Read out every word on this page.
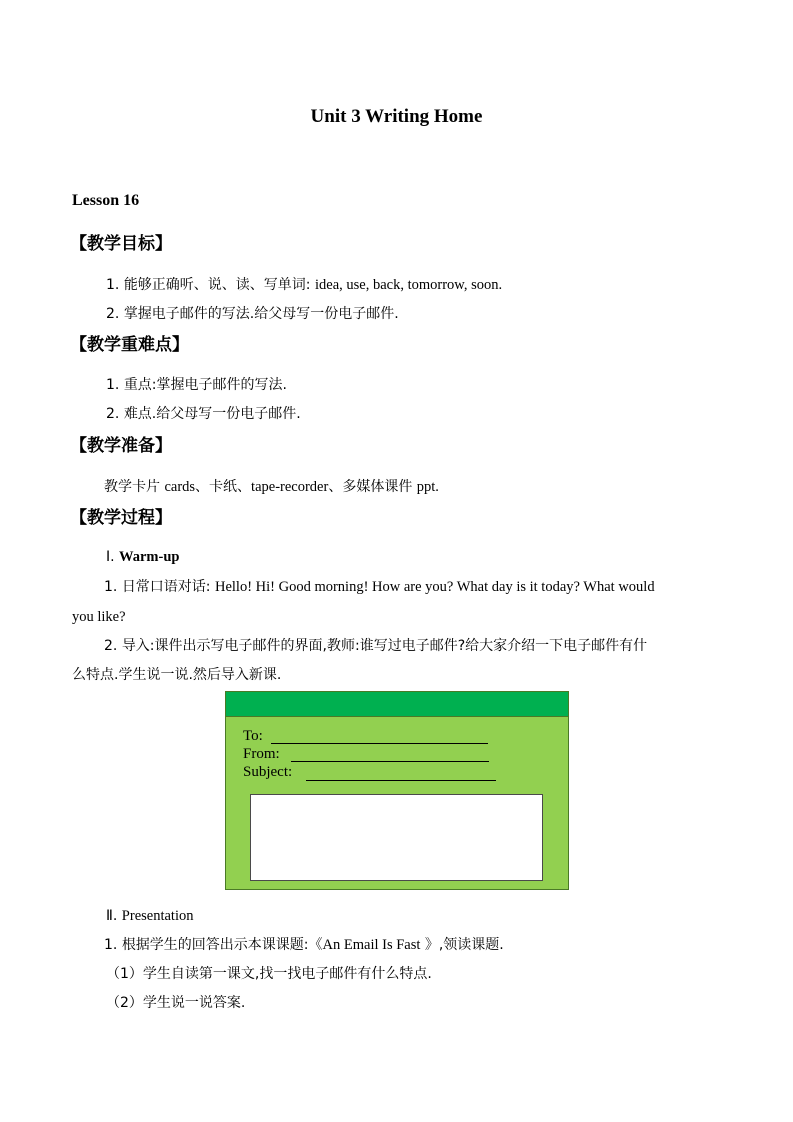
Unit 3 Writing Home
Lesson 16
【教学目标】

1. 能够正确听、说、读、写单词: idea, use, back, tomorrow, soon.

2. 掌握电子邮件的写法.给父母写一份电子邮件.

【教学重难点】

1. 重点:掌握电子邮件的写法.

2. 难点.给父母写一份电子邮件.

【教学准备】

教学卡片 cards、卡纸、tape-recorder、多媒体课件 ppt.

【教学过程】

Ⅰ. Warm-up

1. 日常口语对话: Hello! Hi! Good morning! How are you? What day is it today? What would

you like?

2. 导入:课件出示写电子邮件的界面,教师:谁写过电子邮件?给大家介绍一下电子邮件有什

么特点.学生说一说.然后导入新课.

To:
From:
Subject:

Ⅱ. Presentation

1. 根据学生的回答出示本课课题:《An Email Is Fast 》,领读课题.

（1）学生自读第一课文,找一找电子邮件有什么特点.

（2）学生说一说答案.
